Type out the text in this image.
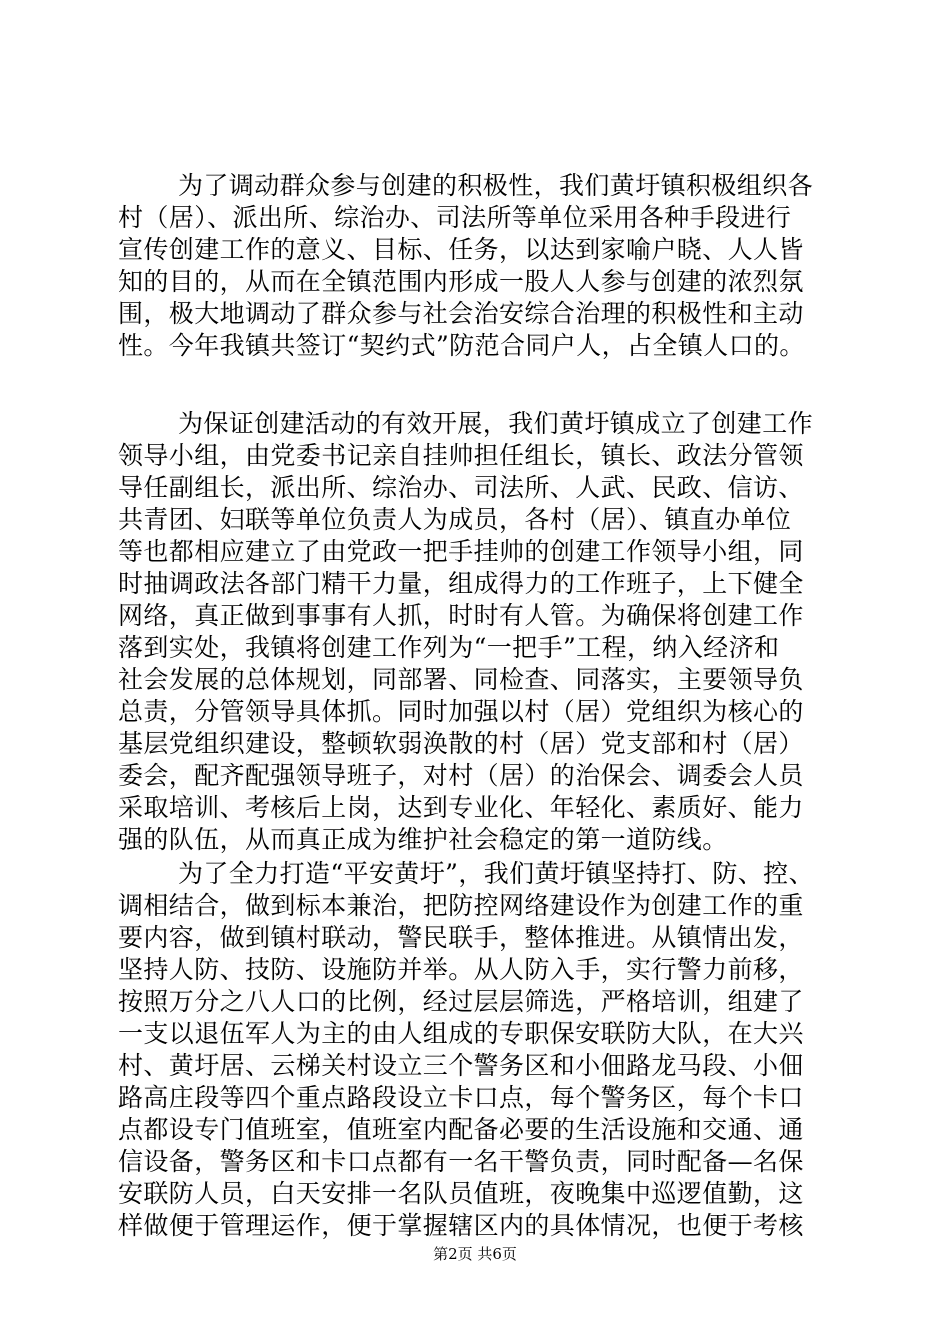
为了调动群众参与创建的积极性，我们黄圩镇积极组织各
村（居）、派出所、综治办、司法所等单位采用各种手段进行
宣传创建工作的意义、目标、任务，以达到家喻户晓、人人皆
知的目的，从而在全镇范围内形成一股人人参与创建的浓烈氛
围，极大地调动了群众参与社会治安综合治理的积极性和主动
性。今年我镇共签订“契约式”防范合同户人，占全镇人口的。
为保证创建活动的有效开展，我们黄圩镇成立了创建工作
领导小组，由党委书记亲自挂帅担任组长，镇长、政法分管领
导任副组长，派出所、综治办、司法所、人武、民政、信访、
共青团、妇联等单位负责人为成员，各村（居）、镇直办单位
等也都相应建立了由党政一把手挂帅的创建工作领导小组，同
时抽调政法各部门精干力量，组成得力的工作班子，上下健全
网络，真正做到事事有人抓，时时有人管。为确保将创建工作
落到实处，我镇将创建工作列为“一把手”工程，纳入经济和
社会发展的总体规划，同部署、同检查、同落实，主要领导负
总责，分管领导具体抓。同时加强以村（居）党组织为核心的
基层党组织建设，整顿软弱涣散的村（居）党支部和村（居）
委会，配齐配强领导班子，对村（居）的治保会、调委会人员
采取培训、考核后上岗，达到专业化、年轻化、素质好、能力
强的队伍，从而真正成为维护社会稳定的第一道防线。
为了全力打造“平安黄圩”，我们黄圩镇坚持打、防、控、
调相结合，做到标本兼治，把防控网络建设作为创建工作的重
要内容，做到镇村联动，警民联手，整体推进。从镇情出发，
坚持人防、技防、设施防并举。从人防入手，实行警力前移，
按照万分之八人口的比例，经过层层筛选，严格培训，组建了
一支以退伍军人为主的由人组成的专职保安联防大队，在大兴
村、黄圩居、云梯关村设立三个警务区和小佃路龙马段、小佃
路高庄段等四个重点路段设立卡口点，每个警务区，每个卡口
点都设专门值班室，值班室内配备必要的生活设施和交通、通
信设备，警务区和卡口点都有一名干警负责，同时配备—名保
安联防人员，白天安排一名队员值班，夜晚集中巡逻值勤，这
样做便于管理运作，便于掌握辖区内的具体情况，也便于考核
第2页 共6页
